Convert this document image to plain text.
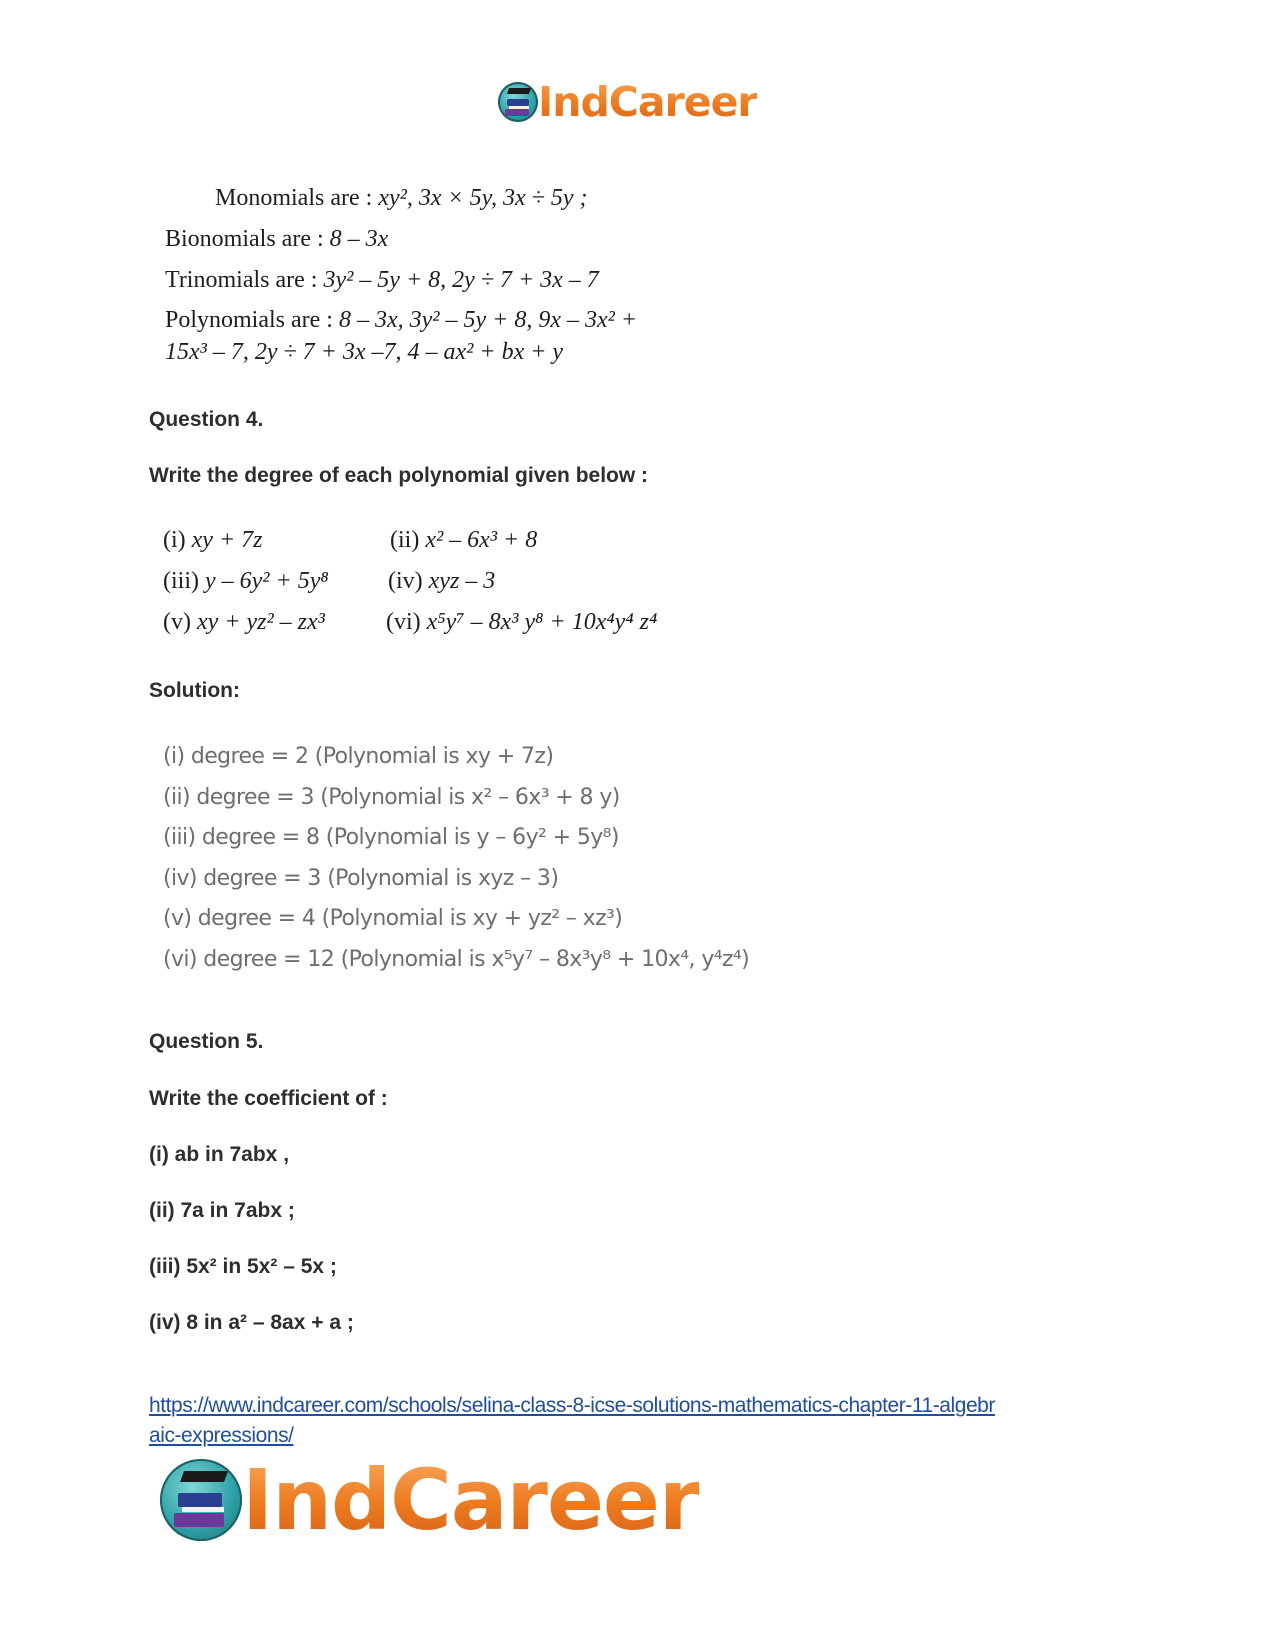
IndCareer
Monomials are : xy², 3x × 5y, 3x ÷ 5y ;
Bionomials are : 8 – 3x
Trinomials are : 3y² – 5y + 8, 2y ÷ 7 + 3x – 7
Polynomials are : 8 – 3x, 3y² – 5y + 8, 9x – 3x² +
15x³ – 7, 2y ÷ 7 + 3x –7, 4 – ax² + bx + y
Question 4.
Write the degree of each polynomial given below :
(i) xy + 7z	(ii) x² – 6x³ + 8
(iii) y – 6y² + 5y⁸ (iv) xyz – 3
(v) xy + yz² – zx³	(vi) x⁵y⁷ – 8x³ y⁸ + 10x⁴y⁴ z⁴
Solution:
(i) degree = 2 (Polynomial is xy + 7z)
(ii) degree = 3 (Polynomial is x² – 6x³ + 8 y)
(iii) degree = 8 (Polynomial is y – 6y² + 5y⁸)
(iv) degree = 3 (Polynomial is xyz – 3)
(v) degree = 4 (Polynomial is xy + yz² – xz³)
(vi) degree = 12 (Polynomial is x⁵y⁷ – 8x³y⁸ + 10x⁴, y⁴z⁴)
Question 5.
Write the coefficient of :
(i) ab in 7abx ,
(ii) 7a in 7abx ;
(iii) 5x² in 5x² – 5x ;
(iv) 8 in a² – 8ax + a ;
https://www.indcareer.com/schools/selina-class-8-icse-solutions-mathematics-chapter-11-algebr
aic-expressions/
IndCareer
